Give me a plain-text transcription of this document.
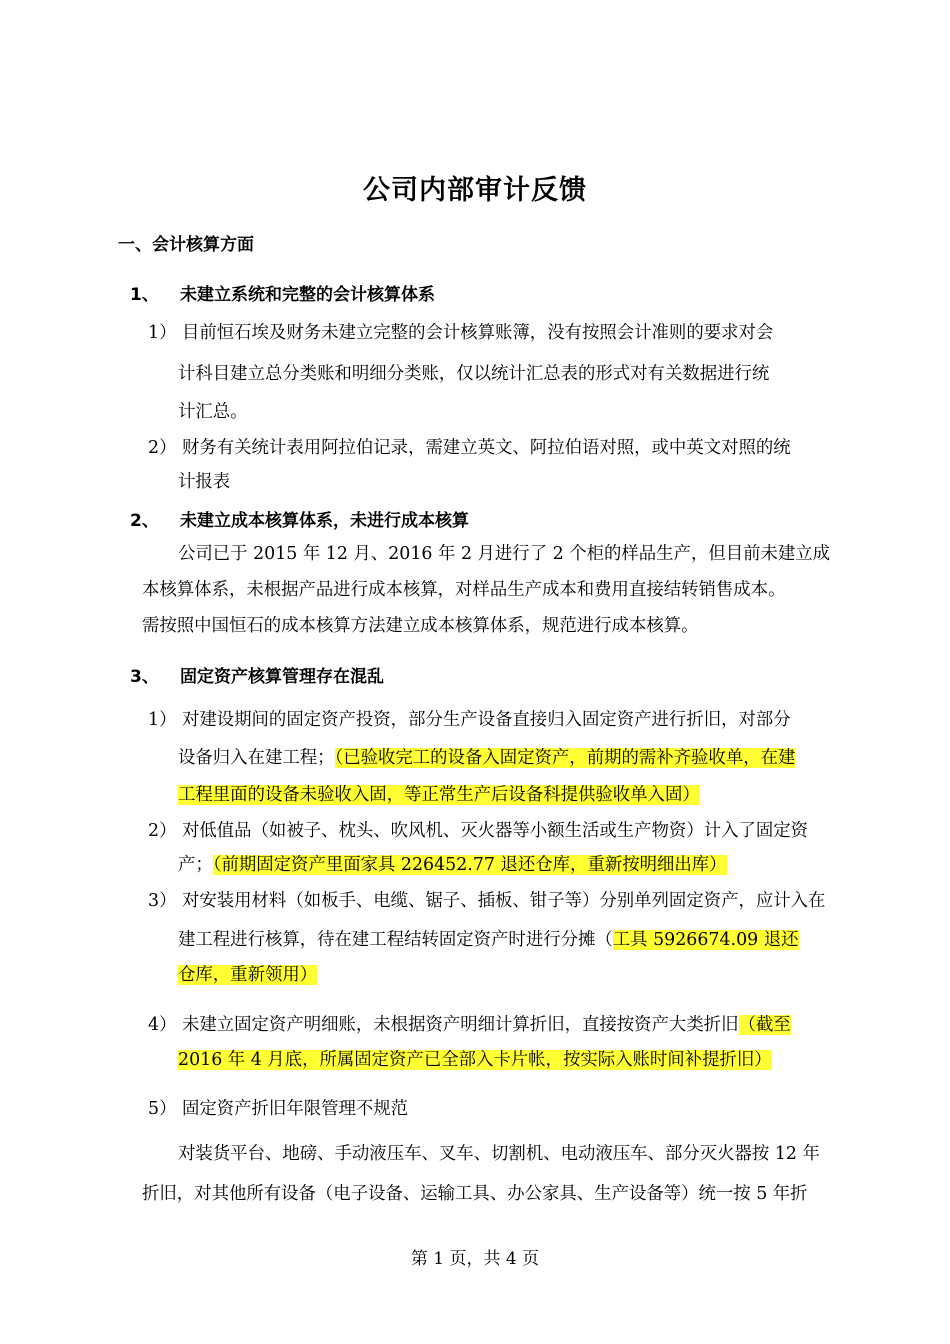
公司内部审计反馈
一、会计核算方面
1、 未建立系统和完整的会计核算体系
1） 目前恒石埃及财务未建立完整的会计核算账簿，没有按照会计准则的要求对会
计科目建立总分类账和明细分类账，仅以统计汇总表的形式对有关数据进行统
计汇总。
2） 财务有关统计表用阿拉伯记录，需建立英文、阿拉伯语对照，或中英文对照的统
计报表
2、 未建立成本核算体系，未进行成本核算
公司已于 2015 年 12 月、2016 年 2 月进行了 2 个柜的样品生产，但目前未建立成
本核算体系，未根据产品进行成本核算，对样品生产成本和费用直接结转销售成本。
需按照中国恒石的成本核算方法建立成本核算体系，规范进行成本核算。
3、 固定资产核算管理存在混乱
1） 对建设期间的固定资产投资，部分生产设备直接归入固定资产进行折旧，对部分
设备归入在建工程；（已验收完工的设备入固定资产，前期的需补齐验收单，在建
工程里面的设备未验收入固，等正常生产后设备科提供验收单入固）
2） 对低值品（如被子、枕头、吹风机、灭火器等小额生活或生产物资）计入了固定资
产；（前期固定资产里面家具 226452.77 退还仓库，重新按明细出库）
3） 对安装用材料（如板手、电缆、锯子、插板、钳子等）分别单列固定资产，应计入在
建工程进行核算，待在建工程结转固定资产时进行分摊（工具 5926674.09 退还
仓库，重新领用）
4） 未建立固定资产明细账，未根据资产明细计算折旧，直接按资产大类折旧（截至
2016 年 4 月底，所属固定资产已全部入卡片帐，按实际入账时间补提折旧）
5） 固定资产折旧年限管理不规范
对装货平台、地磅、手动液压车、叉车、切割机、电动液压车、部分灭火器按 12 年
折旧，对其他所有设备（电子设备、运输工具、办公家具、生产设备等）统一按 5 年折
第 1 页，共 4 页
